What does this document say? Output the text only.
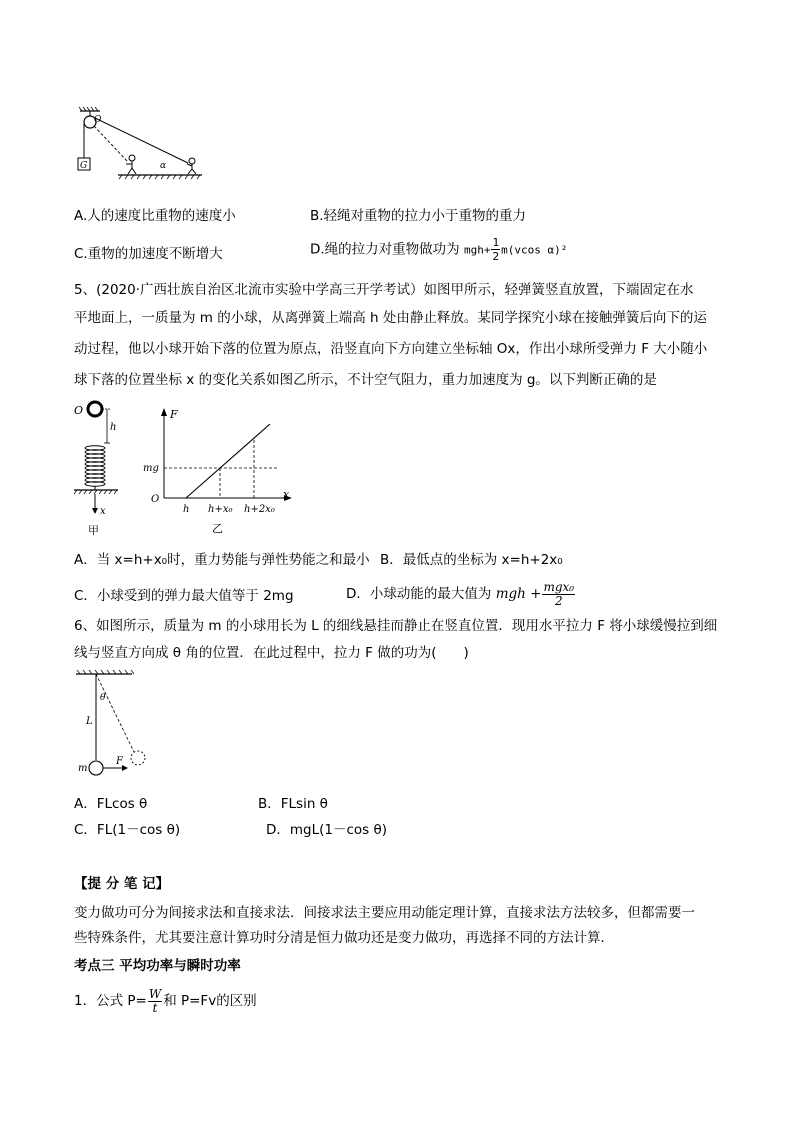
O
G	α
A.人的速度比重物的速度小	B.轻绳对重物的拉力小于重物的重力
C.重物的加速度不断增大	D.绳的拉力对重物做功为 $mgh+ \frac{1}{2} m(vcos$ α)²
5、(2020·广西壮族自治区北流市实验中学高三开学考试）如图甲所示，轻弹簧竖直放置，下端固定在水
平地面上，一质量为 m 的小球，从离弹簧上端高 h 处由静止释放。某同学探究小球在接触弹簧后向下的运
动过程，他以小球开始下落的位置为原点，沿竖直向下方向建立坐标轴 Ox，作出小球所受弹力 F 大小随小
球下落的位置坐标 x 的变化关系如图乙所示，不计空气阻力，重力加速度为 g。以下判断正确的是
O
h
x
甲
F
x
O
mg
h h+x₀ h+2x₀
乙
A．当 x=h+x₀时，重力势能与弹性势能之和最小 B．最低点的坐标为 x=h+2x₀
C．小球受到的弹力最大值等于 2mg	D．小球动能的最大值为 mgh + $\frac{\text{mgx₀}}{2}$
6、如图所示，质量为 m 的小球用长为 L 的细线悬挂而静止在竖直位置．现用水平拉力 F 将小球缓慢拉到细
线与竖直方向成 θ 角的位置．在此过程中，拉力 F 做的功为(　　)
θ
L
m
F
A．FLcos θ	B．FLsin θ
C．FL(1－cos θ)	D．mgL(1－cos θ)
【提 分 笔 记】
变力做功可分为间接求法和直接求法．间接求法主要应用动能定理计算，直接求法方法较多，但都需要一
些特殊条件，尤其要注意计算功时分清是恒力做功还是变力做功，再选择不同的方法计算．
考点三 平均功率与瞬时功率
1．公式 $P= \frac{W}{t}$ 和 P=Fv的区别
